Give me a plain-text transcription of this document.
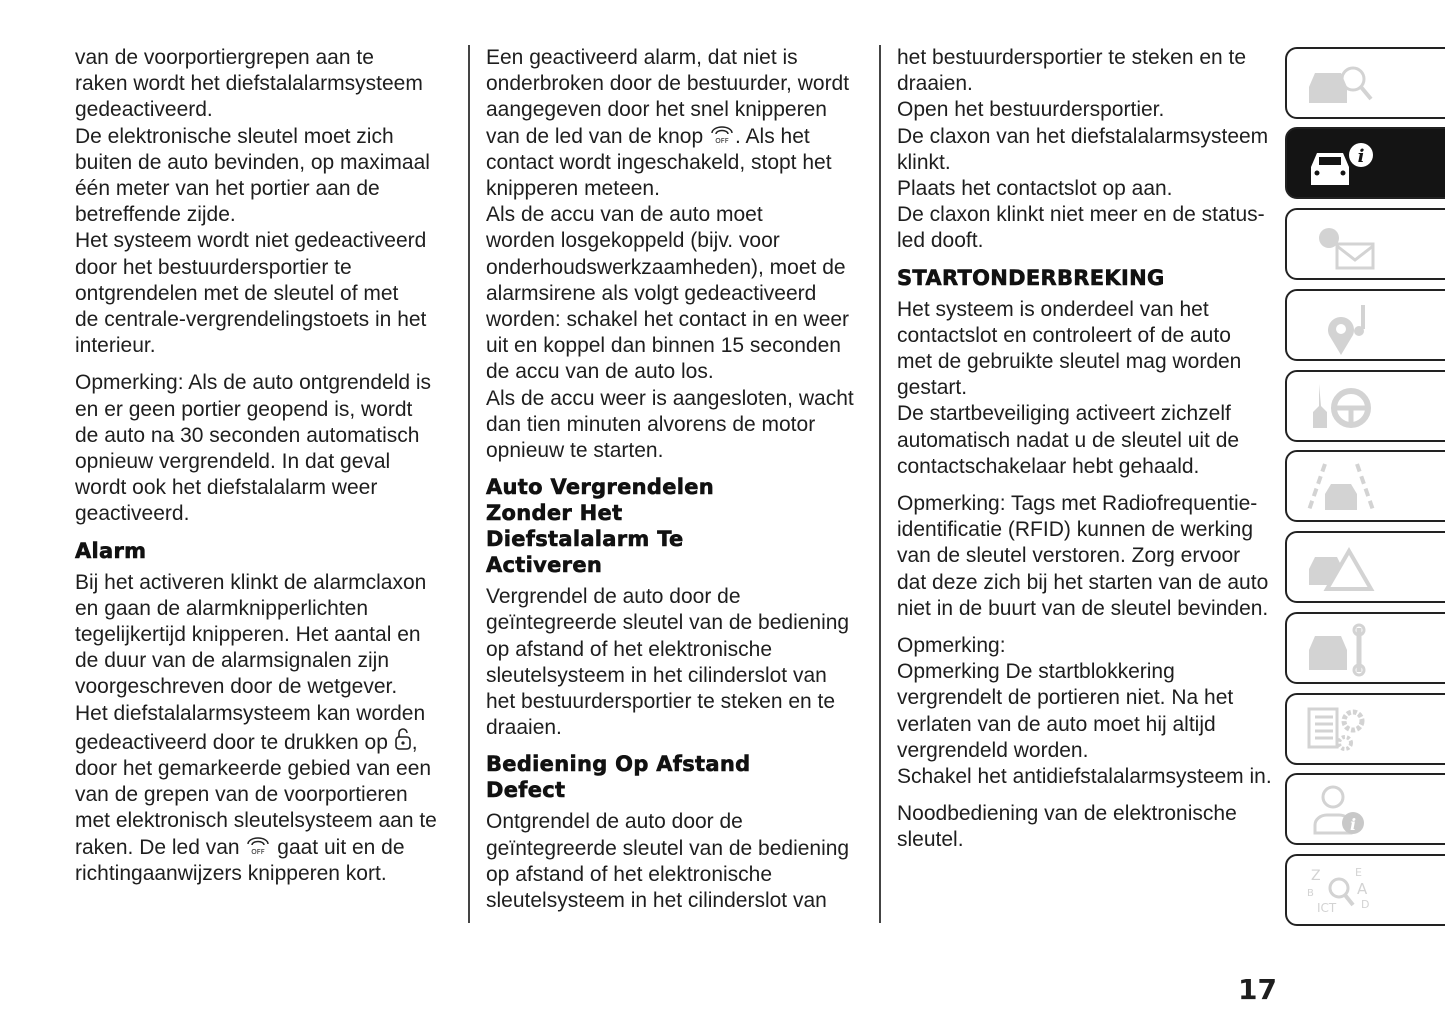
van de voorportiergrepen aan te
raken wordt het diefstalalarmsysteem
gedeactiveerd.
De elektronische sleutel moet zich
buiten de auto bevinden, op maximaal
één meter van het portier aan de
betreffende zijde.
Het systeem wordt niet gedeactiveerd
door het bestuurdersportier te
ontgrendelen met de sleutel of met
de centrale-vergrendelingstoets in het
interieur.

Opmerking: Als de auto ontgrendeld is
en er geen portier geopend is, wordt
de auto na 30 seconden automatisch
opnieuw vergrendeld. In dat geval
wordt ook het diefstalalarm weer
geactiveerd.

Alarm

Bij het activeren klinkt de alarmclaxon
en gaan de alarmknipperlichten
tegelijkertijd knipperen. Het aantal en
de duur van de alarmsignalen zijn
voorgeschreven door de wetgever.
Het diefstalalarmsysteem kan worden
gedeactiveerd door te drukken op ,
door het gemarkeerde gebied van een
van de grepen van de voorportieren
met elektronisch sleutelsysteem aan te
raken. De led van OFF gaat uit en de
richtingaanwijzers knipperen kort.

Een geactiveerd alarm, dat niet is
onderbroken door de bestuurder, wordt
aangegeven door het snel knipperen
van de led van de knop OFF . Als het
contact wordt ingeschakeld, stopt het
knipperen meteen.
Als de accu van de auto moet
worden losgekoppeld (bijv. voor
onderhoudswerkzaamheden), moet de
alarmsirene als volgt gedeactiveerd
worden: schakel het contact in en weer
uit en koppel dan binnen 15 seconden
de accu van de auto los.
Als de accu weer is aangesloten, wacht
dan tien minuten alvorens de motor
opnieuw te starten.

Auto Vergrendelen
Zonder Het
Diefstalalarm Te
Activeren

Vergrendel de auto door de
geïntegreerde sleutel van de bediening
op afstand of het elektronische
sleutelsysteem in het cilinderslot van
het bestuurdersportier te steken en te
draaien.

Bediening Op Afstand
Defect

Ontgrendel de auto door de
geïntegreerde sleutel van de bediening
op afstand of het elektronische
sleutelsysteem in het cilinderslot van

het bestuurdersportier te steken en te
draaien.
Open het bestuurdersportier.
De claxon van het diefstalalarmsysteem
klinkt.
Plaats het contactslot op aan.
De claxon klinkt niet meer en de status-
led dooft.

STARTONDERBREKING

Het systeem is onderdeel van het
contactslot en controleert of de auto
met de gebruikte sleutel mag worden
gestart.
De startbeveiliging activeert zichzelf
automatisch nadat u de sleutel uit de
contactschakelaar hebt gehaald.

Opmerking: Tags met Radiofrequentie-
identificatie (RFID) kunnen de werking
van de sleutel verstoren. Zorg ervoor
dat deze zich bij het starten van de auto
niet in de buurt van de sleutel bevinden.

Opmerking:
Opmerking De startblokkering
vergrendelt de portieren niet. Na het
verlaten van de auto moet hij altijd
vergrendeld worden.
Schakel het antidiefstalalarmsysteem in.

Noodbediening van de elektronische
sleutel.

i
i
Z
B
ICT
E
A
D
17
